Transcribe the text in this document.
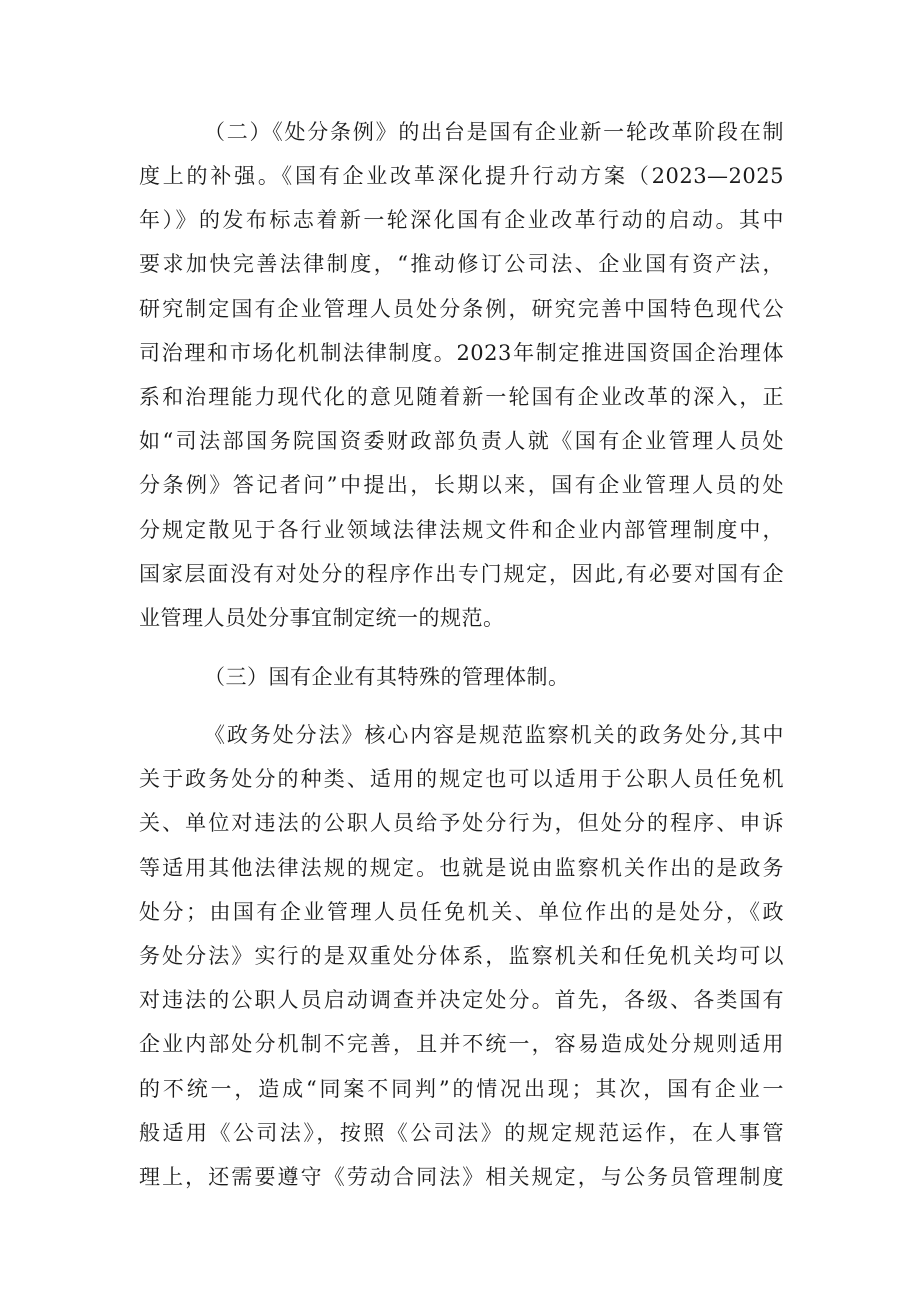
（二）《处分条例》的出台是国有企业新一轮改革阶段在制

度上的补强。《国有企业改革深化提升行动方案（2023—2025

年）》的发布标志着新一轮深化国有企业改革行动的启动。其中

要求加快完善法律制度，“推动修订公司法、企业国有资产法，

研究制定国有企业管理人员处分条例，研究完善中国特色现代公

司治理和市场化机制法律制度。2023年制定推进国资国企治理体

系和治理能力现代化的意见随着新一轮国有企业改革的深入，正

如“司法部国务院国资委财政部负责人就《国有企业管理人员处

分条例》答记者问”中提出，长期以来，国有企业管理人员的处

分规定散见于各行业领域法律法规文件和企业内部管理制度中，

国家层面没有对处分的程序作出专门规定，因此,有必要对国有企

业管理人员处分事宜制定统一的规范。

（三）国有企业有其特殊的管理体制。

《政务处分法》核心内容是规范监察机关的政务处分,其中

关于政务处分的种类、适用的规定也可以适用于公职人员任免机

关、单位对违法的公职人员给予处分行为，但处分的程序、申诉

等适用其他法律法规的规定。也就是说由监察机关作出的是政务

处分；由国有企业管理人员任免机关、单位作出的是处分，《政

务处分法》实行的是双重处分体系，监察机关和任免机关均可以

对违法的公职人员启动调查并决定处分。首先，各级、各类国有

企业内部处分机制不完善，且并不统一，容易造成处分规则适用

的不统一，造成“同案不同判”的情况出现；其次，国有企业一

般适用《公司法》，按照《公司法》的规定规范运作，在人事管

理上，还需要遵守《劳动合同法》相关规定，与公务员管理制度
